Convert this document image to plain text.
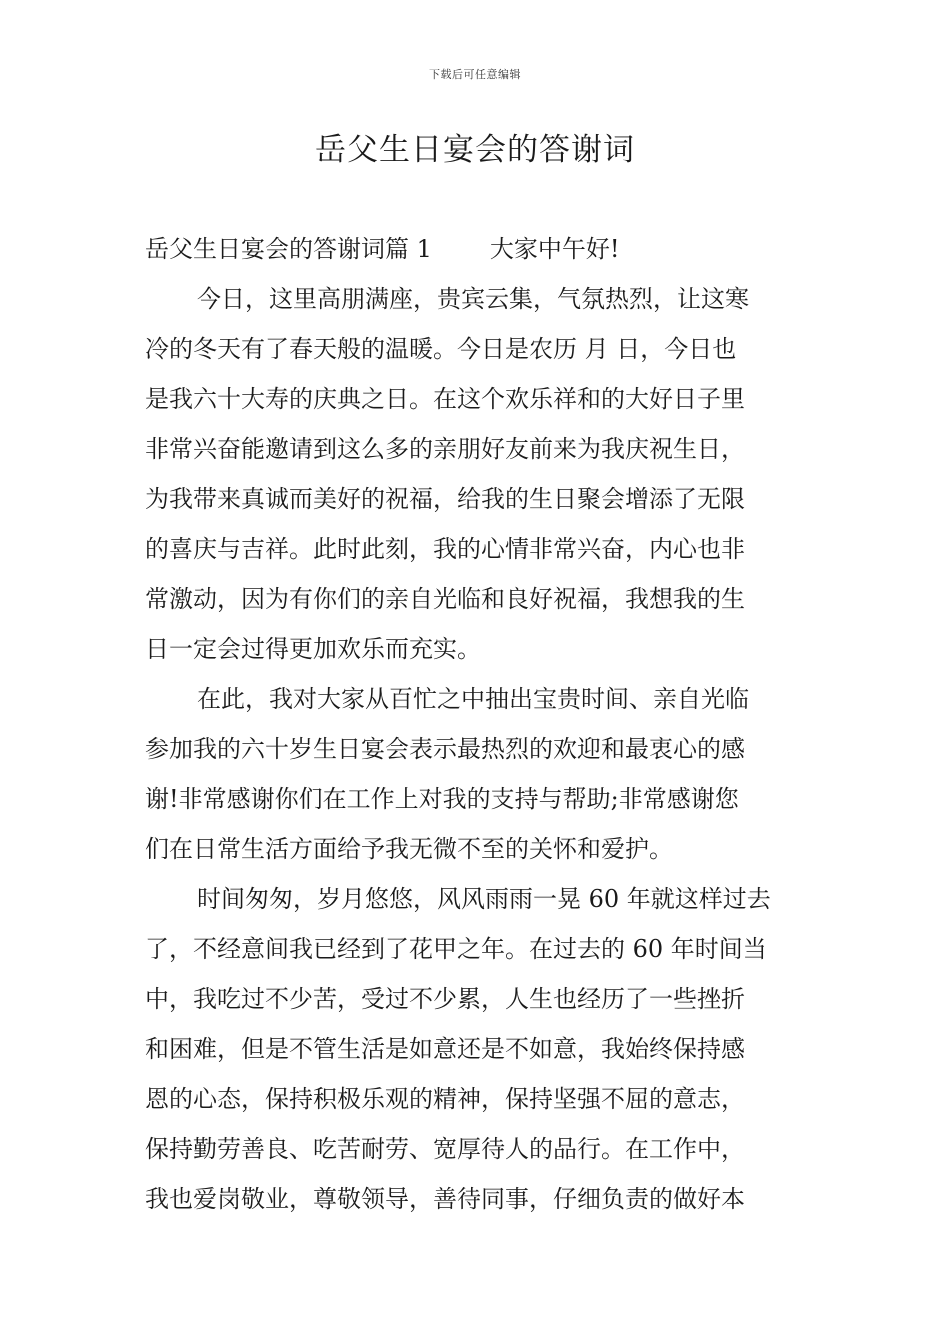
下载后可任意编辑
岳父生日宴会的答谢词
岳父生日宴会的答谢词篇 1 大家中午好!
今日，这里高朋满座，贵宾云集，气氛热烈，让这寒
冷的冬天有了春天般的温暖。今日是农历 月 日，今日也
是我六十大寿的庆典之日。在这个欢乐祥和的大好日子里
非常兴奋能邀请到这么多的亲朋好友前来为我庆祝生日，
为我带来真诚而美好的祝福，给我的生日聚会增添了无限
的喜庆与吉祥。此时此刻，我的心情非常兴奋，内心也非
常激动，因为有你们的亲自光临和良好祝福，我想我的生
日一定会过得更加欢乐而充实。
在此，我对大家从百忙之中抽出宝贵时间、亲自光临
参加我的六十岁生日宴会表示最热烈的欢迎和最衷心的感
谢!非常感谢你们在工作上对我的支持与帮助;非常感谢您
们在日常生活方面给予我无微不至的关怀和爱护。
时间匆匆，岁月悠悠，风风雨雨一晃 60 年就这样过去
了，不经意间我已经到了花甲之年。在过去的 60 年时间当
中，我吃过不少苦，受过不少累，人生也经历了一些挫折
和困难，但是不管生活是如意还是不如意，我始终保持感
恩的心态，保持积极乐观的精神，保持坚强不屈的意志，
保持勤劳善良、吃苦耐劳、宽厚待人的品行。在工作中，
我也爱岗敬业，尊敬领导，善待同事，仔细负责的做好本
